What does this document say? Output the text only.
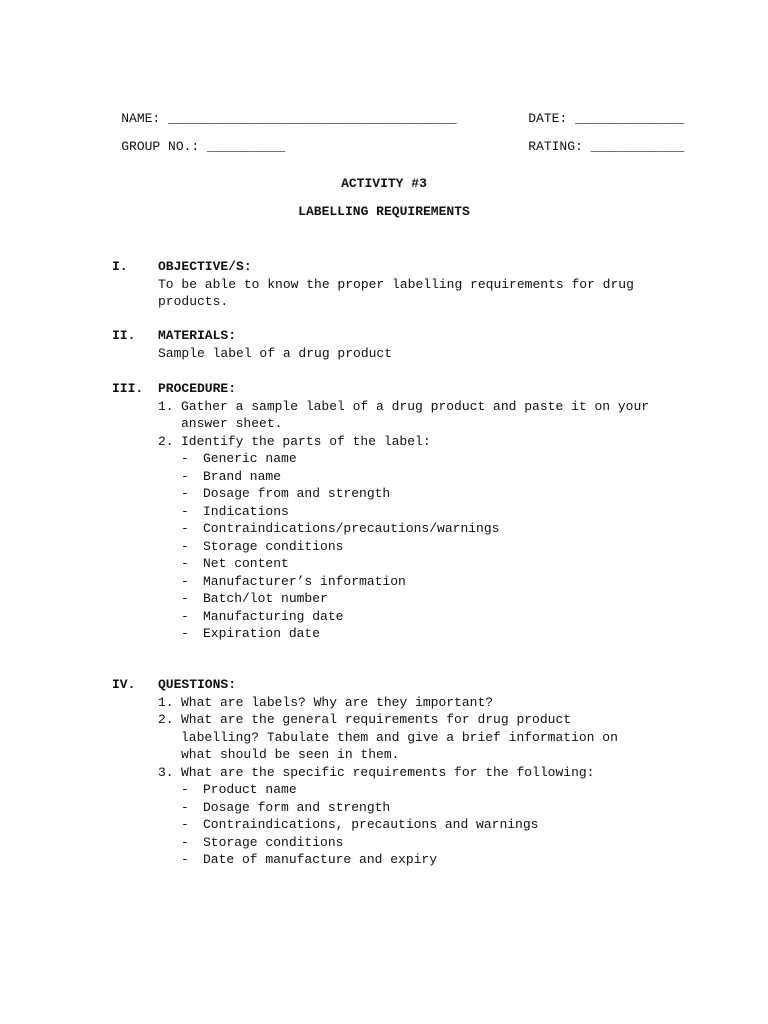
NAME: _____________________________________
	DATE: ______________

GROUP NO.: __________
	RATING: ____________

ACTIVITY #3
LABELLING REQUIREMENTS
I.	OBJECTIVE/S:
To be able to know the proper labelling requirements for drug products.
II.	MATERIALS:
Sample label of a drug product
III.	PROCEDURE:
1. Gather a sample label of a drug product and paste it on your answer sheet.
2. Identify the parts of the label:
-	Generic name
-	Brand name
-	Dosage from and strength
-	Indications
-	Contraindications/precautions/warnings
-	Storage conditions
-	Net content
-	Manufacturer’s information
-	Batch/lot number
-	Manufacturing date
-	Expiration date
IV.	QUESTIONS:
1. What are labels? Why are they important?
2. What are the general requirements for drug product labelling? Tabulate them and give a brief information on what should be seen in them.
3. What are the specific requirements for the following:
-	Product name
-	Dosage form and strength
-	Contraindications, precautions and warnings
-	Storage conditions
-	Date of manufacture and expiry
